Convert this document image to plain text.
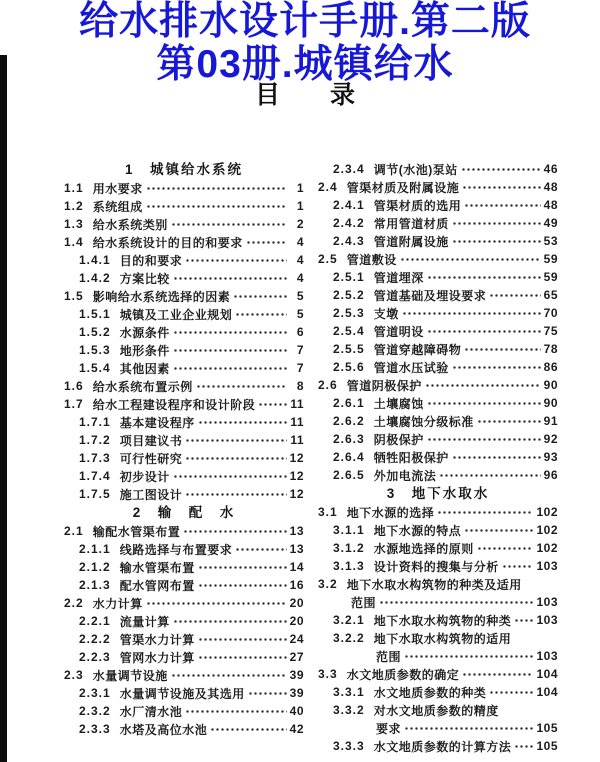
给水排水设计手册.第二版
第03册.城镇给水
目　　录
1　城镇给水系统
1.1 用水要求	1
1.2 系统组成	1
1.3 给水系统类别	2
1.4 给水系统设计的目的和要求	4
1.4.1 目的和要求	4
1.4.2 方案比较	4
1.5 影响给水系统选择的因素	5
1.5.1 城镇及工业企业规划	5
1.5.2 水源条件	6
1.5.3 地形条件	7
1.5.4 其他因素	7
1.6 给水系统布置示例	8
1.7 给水工程建设程序和设计阶段	11
1.7.1 基本建设程序	11
1.7.2 项目建议书	11
1.7.3 可行性研究	12
1.7.4 初步设计	12
1.7.5 施工图设计	12
2　输　配　水
2.1 输配水管渠布置	13
2.1.1 线路选择与布置要求	13
2.1.2 输水管渠布置	14
2.1.3 配水管网布置	16
2.2 水力计算	20
2.2.1 流量计算	20
2.2.2 管渠水力计算	24
2.2.3 管网水力计算	27
2.3 水量调节设施	39
2.3.1 水量调节设施及其选用	39
2.3.2 水厂清水池	40
2.3.3 水塔及高位水池	42
2.3.4 调节(水池)泵站	46
2.4 管渠材质及附属设施	48
2.4.1 管渠材质的选用	48
2.4.2 常用管道材质	49
2.4.3 管道附属设施	53
2.5 管道敷设	59
2.5.1 管道埋深	59
2.5.2 管道基础及埋设要求	65
2.5.3 支墩	70
2.5.4 管道明设	75
2.5.5 管道穿越障碍物	78
2.5.6 管道水压试验	86
2.6 管道阴极保护	90
2.6.1 土壤腐蚀	90
2.6.2 土壤腐蚀分级标准	91
2.6.3 阴极保护	92
2.6.4 牺牲阳极保护	93
2.6.5 外加电流法	96
3　地下水取水
3.1 地下水源的选择	102
3.1.1 地下水源的特点	102
3.1.2 水源地选择的原则	102
3.1.3 设计资料的搜集与分析	103
3.2 地下水取水构筑物的种类及适用
范围	103
3.2.1 地下水取水构筑物的种类 103
3.2.2 地下水取水构筑物的适用
范围	103
3.3 水文地质参数的确定	104
3.3.1 水文地质参数的种类	104
3.3.2 对水文地质参数的精度
要求	105
3.3.3 水文地质参数的计算方法 105
